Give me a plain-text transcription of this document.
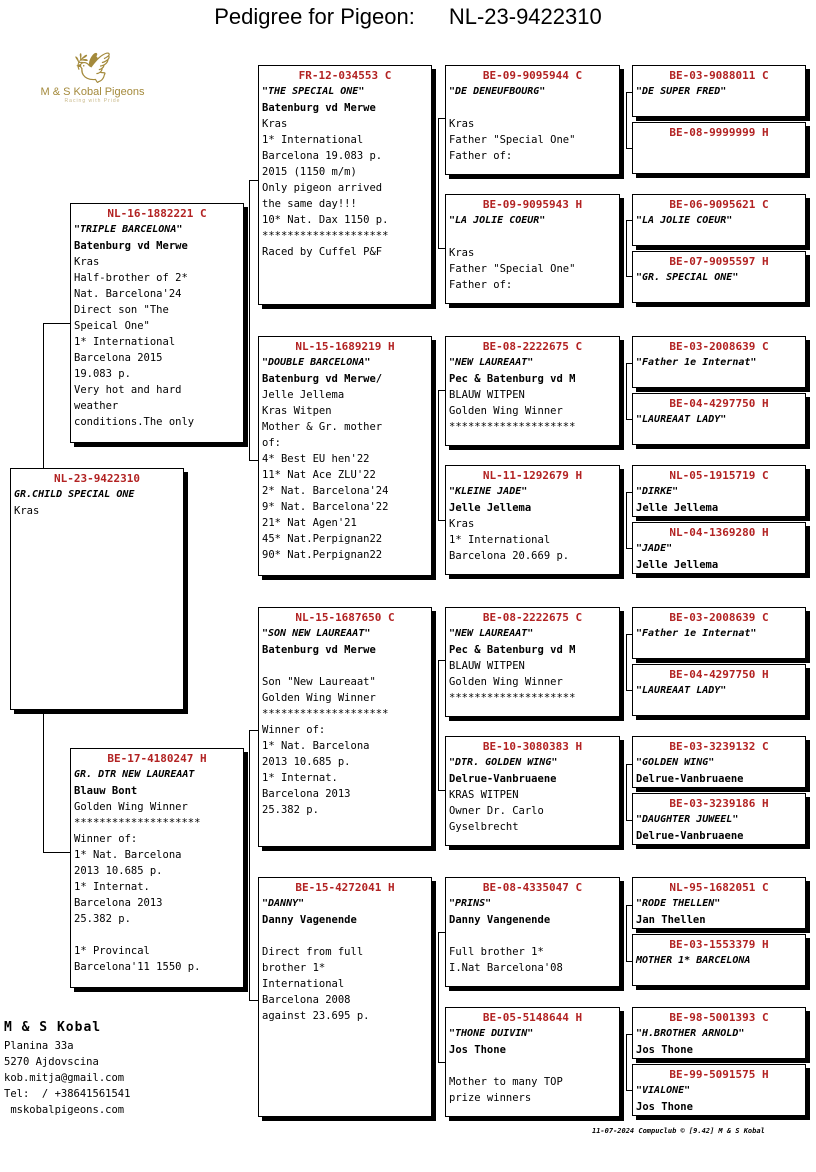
Pedigree for Pigeon: NL-23-9422310
🕊
M & S Kobal Pigeons
Racing with Pride
NL-23-9422310
GR.CHILD SPECIAL ONE
Kras
NL-16-1882221 C
"TRIPLE BARCELONA"
Batenburg vd Merwe
Kras
Half-brother of 2*
Nat. Barcelona'24
Direct son "The
Speical One"
1* International
Barcelona 2015
19.083 p.
Very hot and hard
weather
conditions.The only
BE-17-4180247 H
GR. DTR NEW LAUREAAT
Blauw Bont
Golden Wing Winner
********************
Winner of:
1* Nat. Barcelona
2013 10.685 p.
1* Internat.
Barcelona 2013
25.382 p.
1* Provincal
Barcelona'11 1550 p.
FR-12-034553 C
"THE SPECIAL ONE"
Batenburg vd Merwe
Kras
1* International
Barcelona 19.083 p.
2015 (1150 m/m)
Only pigeon arrived
the same day!!!
10* Nat. Dax 1150 p.
********************
Raced by Cuffel P&F
NL-15-1689219 H
"DOUBLE BARCELONA"
Batenburg vd Merwe/
Jelle Jellema
Kras Witpen
Mother & Gr. mother
of:
4* Best EU hen'22
11* Nat Ace ZLU'22
2* Nat. Barcelona'24
9* Nat. Barcelona'22
21* Nat Agen'21
45* Nat.Perpignan22
90* Nat.Perpignan22
NL-15-1687650 C
"SON NEW LAUREAAT"
Batenburg vd Merwe
Son "New Laureaat"
Golden Wing Winner
********************
Winner of:
1* Nat. Barcelona
2013 10.685 p.
1* Internat.
Barcelona 2013
25.382 p.
BE-15-4272041 H
"DANNY"
Danny Vagenende
Direct from full
brother 1*
International
Barcelona 2008
against 23.695 p.
BE-09-9095944 C
"DE DENEUFBOURG"
Kras
Father "Special One"
Father of:
BE-09-9095943 H
"LA JOLIE COEUR"
Kras
Father "Special One"
Father of:
BE-08-2222675 C
"NEW LAUREAAT"
Pec & Batenburg vd M
BLAUW WITPEN
Golden Wing Winner
********************
NL-11-1292679 H
"KLEINE JADE"
Jelle Jellema
Kras
1* International
Barcelona 20.669 p.
BE-08-2222675 C
"NEW LAUREAAT"
Pec & Batenburg vd M
BLAUW WITPEN
Golden Wing Winner
********************
BE-10-3080383 H
"DTR. GOLDEN WING"
Delrue-Vanbruaene
KRAS WITPEN
Owner Dr. Carlo
Gyselbrecht
BE-08-4335047 C
"PRINS"
Danny Vangenende
Full brother 1*
I.Nat Barcelona'08
BE-05-5148644 H
"THONE DUIVIN"
Jos Thone
Mother to many TOP
prize winners
BE-03-9088011 C
"DE SUPER FRED"
BE-08-9999999 H
BE-06-9095621 C
"LA JOLIE COEUR"
BE-07-9095597 H
"GR. SPECIAL ONE"
BE-03-2008639 C
"Father 1e Internat"
BE-04-4297750 H
"LAUREAAT LADY"
NL-05-1915719 C
"DIRKE"
Jelle Jellema
NL-04-1369280 H
"JADE"
Jelle Jellema
BE-03-2008639 C
"Father 1e Internat"
BE-04-4297750 H
"LAUREAAT LADY"
BE-03-3239132 C
"GOLDEN WING"
Delrue-Vanbruaene
BE-03-3239186 H
"DAUGHTER JUWEEL"
Delrue-Vanbruaene
NL-95-1682051 C
"RODE THELLEN"
Jan Thellen
BE-03-1553379 H
MOTHER 1* BARCELONA
BE-98-5001393 C
"H.BROTHER ARNOLD"
Jos Thone
BE-99-5091575 H
"VIALONE"
Jos Thone
M & S Kobal
Planina 33a
5270 Ajdovscina
kob.mitja@gmail.com
Tel:  / +38641561541
mskobalpigeons.com
11-07-2024 Compuclub © [9.42] M & S Kobal
